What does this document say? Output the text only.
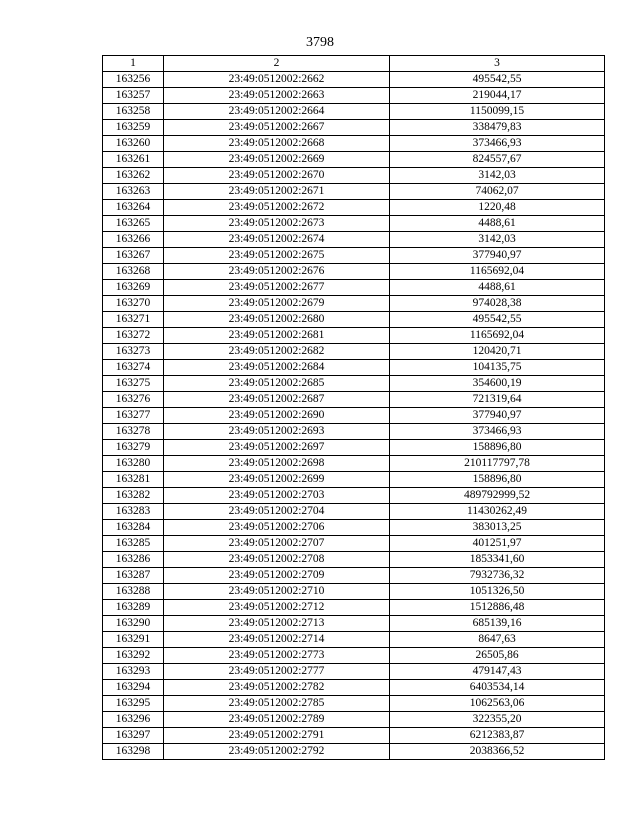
3798
1	2	3
163256	23:49:0512002:2662	495542,55
163257	23:49:0512002:2663	219044,17
163258	23:49:0512002:2664	1150099,15
163259	23:49:0512002:2667	338479,83
163260	23:49:0512002:2668	373466,93
163261	23:49:0512002:2669	824557,67
163262	23:49:0512002:2670	3142,03
163263	23:49:0512002:2671	74062,07
163264	23:49:0512002:2672	1220,48
163265	23:49:0512002:2673	4488,61
163266	23:49:0512002:2674	3142,03
163267	23:49:0512002:2675	377940,97
163268	23:49:0512002:2676	1165692,04
163269	23:49:0512002:2677	4488,61
163270	23:49:0512002:2679	974028,38
163271	23:49:0512002:2680	495542,55
163272	23:49:0512002:2681	1165692,04
163273	23:49:0512002:2682	120420,71
163274	23:49:0512002:2684	104135,75
163275	23:49:0512002:2685	354600,19
163276	23:49:0512002:2687	721319,64
163277	23:49:0512002:2690	377940,97
163278	23:49:0512002:2693	373466,93
163279	23:49:0512002:2697	158896,80
163280	23:49:0512002:2698	210117797,78
163281	23:49:0512002:2699	158896,80
163282	23:49:0512002:2703	489792999,52
163283	23:49:0512002:2704	11430262,49
163284	23:49:0512002:2706	383013,25
163285	23:49:0512002:2707	401251,97
163286	23:49:0512002:2708	1853341,60
163287	23:49:0512002:2709	7932736,32
163288	23:49:0512002:2710	1051326,50
163289	23:49:0512002:2712	1512886,48
163290	23:49:0512002:2713	685139,16
163291	23:49:0512002:2714	8647,63
163292	23:49:0512002:2773	26505,86
163293	23:49:0512002:2777	479147,43
163294	23:49:0512002:2782	6403534,14
163295	23:49:0512002:2785	1062563,06
163296	23:49:0512002:2789	322355,20
163297	23:49:0512002:2791	6212383,87
163298	23:49:0512002:2792	2038366,52
